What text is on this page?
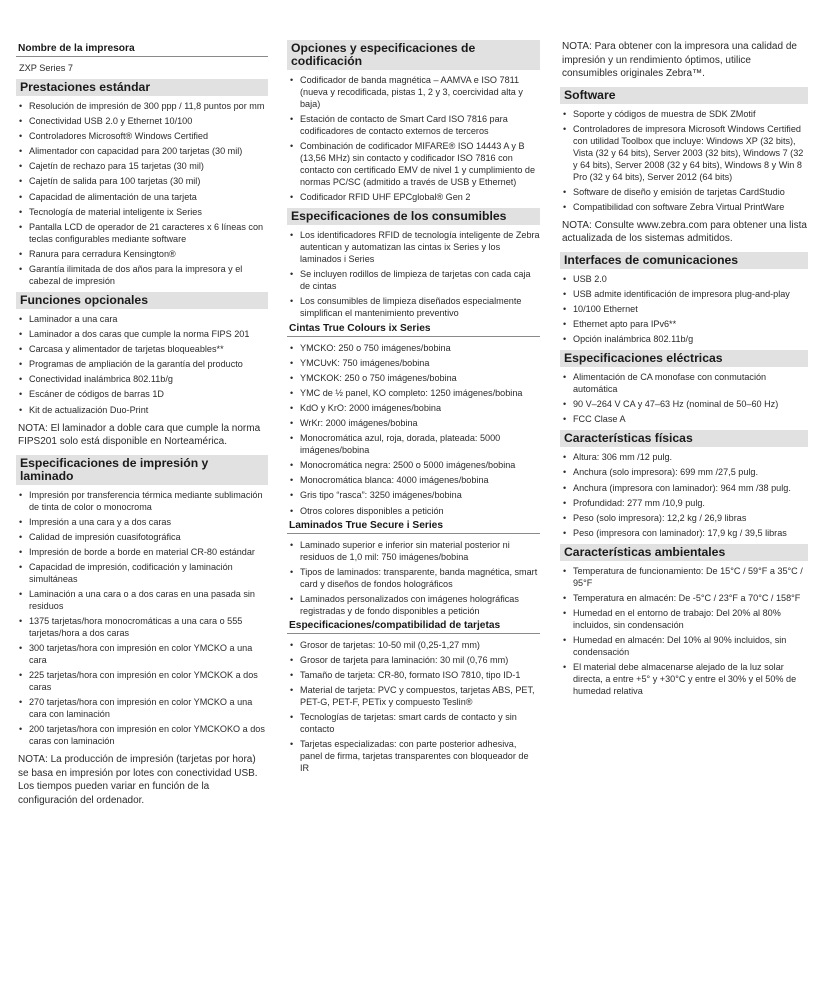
Nombre de la impresora
ZXP Series 7
Prestaciones estándar
• Resolución de impresión de 300 ppp / 11,8 puntos por mm
• Conectividad USB 2.0 y Ethernet 10/100
• Controladores Microsoft® Windows Certified
• Alimentador con capacidad para 200 tarjetas (30 mil)
• Cajetín de rechazo para 15 tarjetas (30 mil)
• Cajetín de salida para 100 tarjetas (30 mil)
• Capacidad de alimentación de una tarjeta
• Tecnología de material inteligente ix Series
• Pantalla LCD de operador de 21 caracteres x 6 líneas con teclas configurables mediante software
• Ranura para cerradura Kensington®
• Garantía ilimitada de dos años para la impresora y el cabezal de impresión
Funciones opcionales
• Laminador a una cara
• Laminador a dos caras que cumple la norma FIPS 201
• Carcasa y alimentador de tarjetas bloqueables**
• Programas de ampliación de la garantía del producto
• Conectividad inalámbrica 802.11b/g
• Escáner de códigos de barras 1D
• Kit de actualización Duo-Print
NOTA: El laminador a doble cara que cumple la norma FIPS201 solo está disponible en Norteamérica.
Especificaciones de impresión y laminado
• Impresión por transferencia térmica mediante sublimación de tinta de color o monocroma
• Impresión a una cara y a dos caras
• Calidad de impresión cuasifotográfica
• Impresión de borde a borde en material CR-80 estándar
• Capacidad de impresión, codificación y laminación simultáneas
• Laminación a una cara o a dos caras en una pasada sin residuos
• 1375 tarjetas/hora monocromáticas a una cara o 555 tarjetas/hora a dos caras
• 300 tarjetas/hora con impresión en color YMCKO a una cara
• 225 tarjetas/hora con impresión en color YMCKOK a dos caras
• 270 tarjetas/hora con impresión en color YMCKO a una cara con laminación
• 200 tarjetas/hora con impresión en color YMCKOKO a dos caras con laminación
NOTA: La producción de impresión (tarjetas por hora) se basa en impresión por lotes con conectividad USB. Los tiempos pueden variar en función de la configuración del ordenador.
Opciones y especificaciones de codificación
• Codificador de banda magnética – AAMVA e ISO 7811 (nueva y recodificada, pistas 1, 2 y 3, coercividad alta y baja)
• Estación de contacto de Smart Card ISO 7816 para codificadores de contacto externos de terceros
• Combinación de codificador MIFARE® ISO 14443 A y B (13,56 MHz) sin contacto y codificador ISO 7816 con contacto con certificado EMV de nivel 1 y cumplimiento de normas PC/SC (admitido a través de USB y Ethernet)
• Codificador RFID UHF EPCglobal® Gen 2
Especificaciones de los consumibles
• Los identificadores RFID de tecnología inteligente de Zebra autentican y automatizan las cintas ix Series y los laminados i Series
• Se incluyen rodillos de limpieza de tarjetas con cada caja de cintas
• Los consumibles de limpieza diseñados especialmente simplifican el mantenimiento preventivo
Cintas True Colours ix Series
• YMCKO: 250 o 750 imágenes/bobina
• YMCUvK: 750 imágenes/bobina
• YMCKOK: 250 o 750 imágenes/bobina
• YMC de ½ panel, KO completo: 1250 imágenes/bobina
• KdO y KrO: 2000 imágenes/bobina
• WrKr: 2000 imágenes/bobina
• Monocromática azul, roja, dorada, plateada: 5000 imágenes/bobina
• Monocromática negra: 2500 o 5000 imágenes/bobina
• Monocromática blanca: 4000 imágenes/bobina
• Gris tipo “rasca”: 3250 imágenes/bobina
• Otros colores disponibles a petición
Laminados True Secure i Series
• Laminado superior e inferior sin material posterior ni residuos de 1,0 mil: 750 imágenes/bobina
• Tipos de laminados: transparente, banda magnética, smart card y diseños de fondos holográficos
• Laminados personalizados con imágenes holográficas registradas y de fondo disponibles a petición
Especificaciones/compatibilidad de tarjetas
• Grosor de tarjetas: 10-50 mil (0,25-1,27 mm)
• Grosor de tarjeta para laminación: 30 mil (0,76 mm)
• Tamaño de tarjeta: CR-80, formato ISO 7810, tipo ID-1
• Material de tarjeta: PVC y compuestos, tarjetas ABS, PET, PET-G, PET-F, PETix y compuesto Teslin®
• Tecnologías de tarjetas: smart cards de contacto y sin contacto
• Tarjetas especializadas: con parte posterior adhesiva, panel de firma, tarjetas transparentes con bloqueador de IR
NOTA: Para obtener con la impresora una calidad de impresión y un rendimiento óptimos, utilice consumibles originales Zebra™.
Software
• Soporte y códigos de muestra de SDK ZMotif
• Controladores de impresora Microsoft Windows Certified con utilidad Toolbox que incluye: Windows XP (32 bits), Vista (32 y 64 bits), Server 2003 (32 bits), Windows 7 (32 y 64 bits), Server 2008 (32 y 64 bits), Windows 8 y Win 8 Pro (32 y 64 bits), Server 2012 (64 bits)
• Software de diseño y emisión de tarjetas CardStudio
• Compatibilidad con software Zebra Virtual PrintWare
NOTA: Consulte www.zebra.com para obtener una lista actualizada de los sistemas admitidos.
Interfaces de comunicaciones
• USB 2.0
• USB admite identificación de impresora plug-and-play
• 10/100 Ethernet
• Ethernet apto para IPv6**
• Opción inalámbrica 802.11b/g
Especificaciones eléctricas
• Alimentación de CA monofase con conmutación automática
• 90 V–264 V CA y 47–63 Hz (nominal de 50–60 Hz)
• FCC Clase A
Características físicas
• Altura: 306 mm /12 pulg.
• Anchura (solo impresora): 699 mm /27,5 pulg.
• Anchura (impresora con laminador): 964 mm /38 pulg.
• Profundidad: 277 mm /10,9 pulg.
• Peso (solo impresora): 12,2 kg / 26,9 libras
• Peso (impresora con laminador): 17,9 kg / 39,5 libras
Características ambientales
• Temperatura de funcionamiento: De 15°C / 59°F a 35°C / 95°F
• Temperatura en almacén: De -5°C / 23°F a 70°C / 158°F
• Humedad en el entorno de trabajo: Del 20% al 80% incluidos, sin condensación
• Humedad en almacén: Del 10% al 90% incluidos, sin condensación
• El material debe almacenarse alejado de la luz solar directa, a entre +5° y +30°C y entre el 30% y el 50% de humedad relativa
